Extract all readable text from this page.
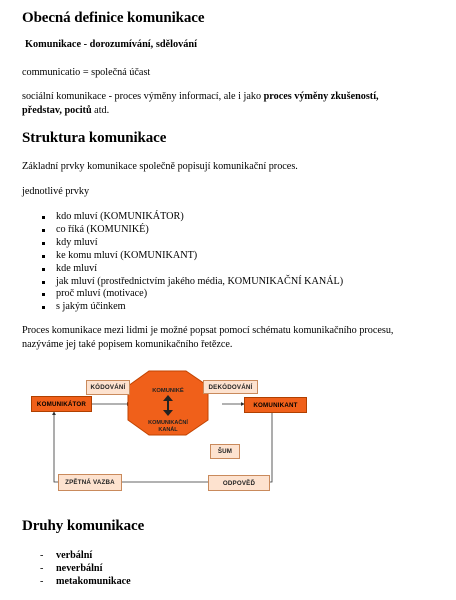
Obecná definice komunikace

Komunikace - dorozumívání, sdělování

communicatio = společná účast

sociální komunikace - proces výměny informací, ale i jako proces výměny zkušeností,
představ, pocitů atd.

Struktura komunikace

Základní prvky komunikace společně popisují komunikační proces.

jednotlivé prvky

kdo mluví (KOMUNIKÁTOR)
co říká (KOMUNIKÉ)
kdy mluví
ke komu mluví (KOMUNIKANT)
kde mluví
jak mluví (prostřednictvím jakého média, KOMUNIKAČNÍ KANÁL)
proč mluví (motivace)
s jakým účinkem

Proces komunikace mezi lidmi je možné popsat pomocí schématu komunikačního procesu,
nazýváme jej také popisem komunikačního řetězce.

KOMUNIKÉ
KOMUNIKAČNÍ
KANÁL
KOMUNIKÁTOR
KÓDOVÁNÍ	DEKÓDOVÁNÍ
KOMUNIKANT
ŠUM
ODPOVĚĎ
ZPĚTNÁ VAZBA
Druhy komunikace
- verbální
- neverbální
- metakomunikace
